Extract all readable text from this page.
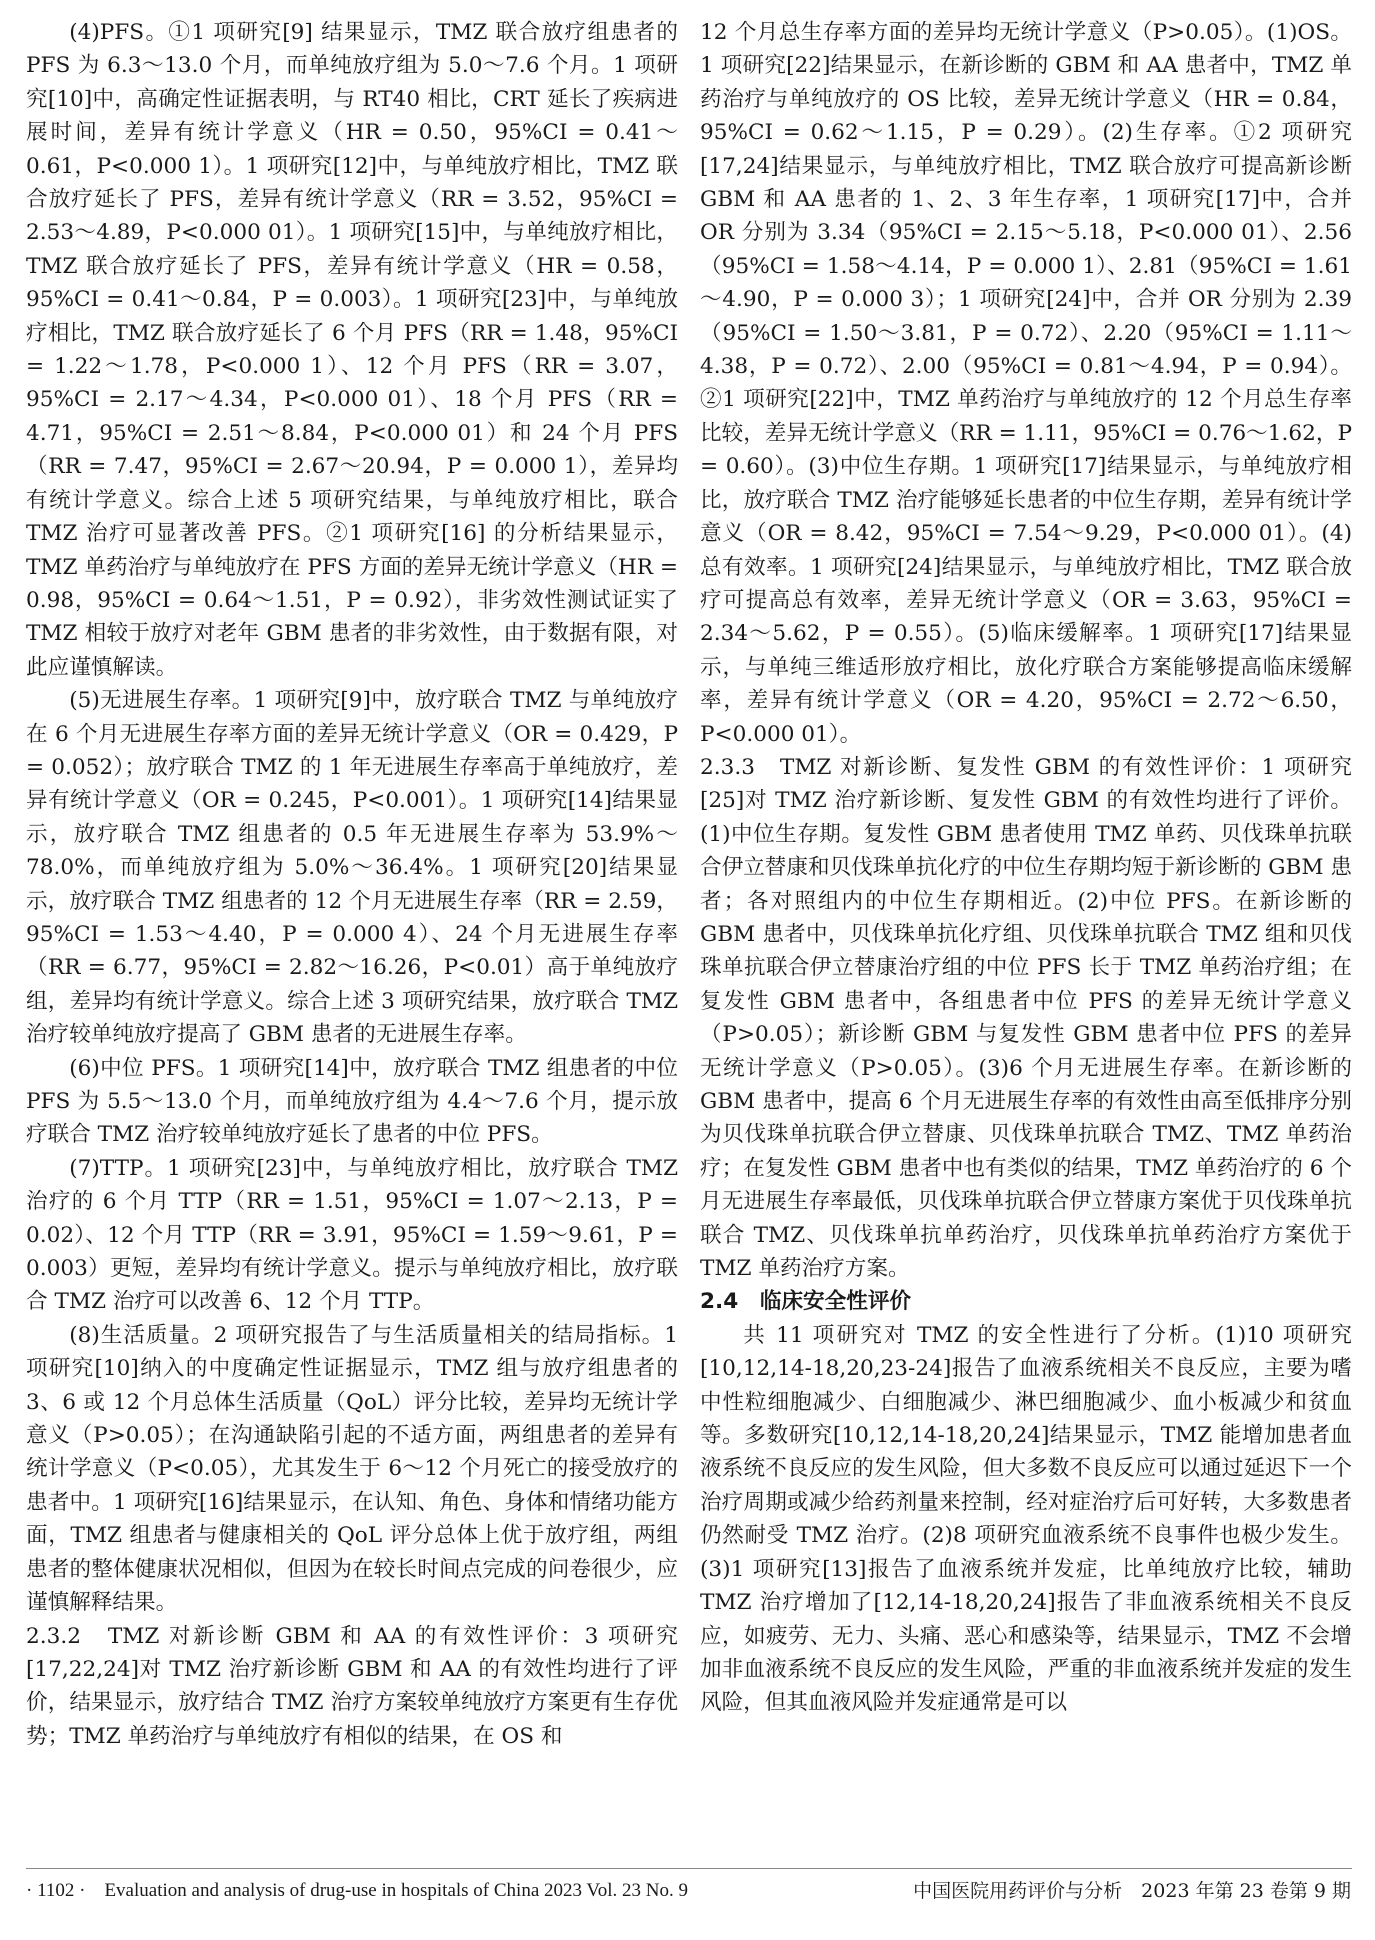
(4)PFS。①1 项研究[9] 结果显示，TMZ 联合放疗组患者的 PFS 为 6.3～13.0 个月，而单纯放疗组为 5.0～7.6 个月。1 项研究[10]中，高确定性证据表明，与 RT40 相比，CRT 延长了疾病进展时间，差异有统计学意义（HR = 0.50，95%CI = 0.41～0.61，P<0.000 1）。1 项研究[12]中，与单纯放疗相比，TMZ 联合放疗延长了 PFS，差异有统计学意义（RR = 3.52，95%CI = 2.53～4.89，P<0.000 01）。1 项研究[15]中，与单纯放疗相比，TMZ 联合放疗延长了 PFS，差异有统计学意义（HR = 0.58，95%CI = 0.41～0.84，P = 0.003）。1 项研究[23]中，与单纯放疗相比，TMZ 联合放疗延长了 6 个月 PFS（RR = 1.48，95%CI = 1.22～1.78，P<0.000 1）、12 个月 PFS（RR = 3.07，95%CI = 2.17～4.34，P<0.000 01）、18 个月 PFS（RR = 4.71，95%CI = 2.51～8.84，P<0.000 01）和 24 个月 PFS（RR = 7.47，95%CI = 2.67～20.94，P = 0.000 1），差异均有统计学意义。综合上述 5 项研究结果，与单纯放疗相比，联合 TMZ 治疗可显著改善 PFS。②1 项研究[16] 的分析结果显示，TMZ 单药治疗与单纯放疗在 PFS 方面的差异无统计学意义（HR = 0.98，95%CI = 0.64～1.51，P = 0.92），非劣效性测试证实了 TMZ 相较于放疗对老年 GBM 患者的非劣效性，由于数据有限，对此应谨慎解读。

(5)无进展生存率。1 项研究[9]中，放疗联合 TMZ 与单纯放疗在 6 个月无进展生存率方面的差异无统计学意义（OR = 0.429，P = 0.052）；放疗联合 TMZ 的 1 年无进展生存率高于单纯放疗，差异有统计学意义（OR = 0.245，P<0.001）。1 项研究[14]结果显示，放疗联合 TMZ 组患者的 0.5 年无进展生存率为 53.9%～78.0%，而单纯放疗组为 5.0%～36.4%。1 项研究[20]结果显示，放疗联合 TMZ 组患者的 12 个月无进展生存率（RR = 2.59，95%CI = 1.53～4.40，P = 0.000 4）、24 个月无进展生存率（RR = 6.77，95%CI = 2.82～16.26，P<0.01）高于单纯放疗组，差异均有统计学意义。综合上述 3 项研究结果，放疗联合 TMZ 治疗较单纯放疗提高了 GBM 患者的无进展生存率。

(6)中位 PFS。1 项研究[14]中，放疗联合 TMZ 组患者的中位 PFS 为 5.5～13.0 个月，而单纯放疗组为 4.4～7.6 个月，提示放疗联合 TMZ 治疗较单纯放疗延长了患者的中位 PFS。

(7)TTP。1 项研究[23]中，与单纯放疗相比，放疗联合 TMZ 治疗的 6 个月 TTP（RR = 1.51，95%CI = 1.07～2.13，P = 0.02）、12 个月 TTP（RR = 3.91，95%CI = 1.59～9.61，P = 0.003）更短，差异均有统计学意义。提示与单纯放疗相比，放疗联合 TMZ 治疗可以改善 6、12 个月 TTP。

(8)生活质量。2 项研究报告了与生活质量相关的结局指标。1 项研究[10]纳入的中度确定性证据显示，TMZ 组与放疗组患者的 3、6 或 12 个月总体生活质量（QoL）评分比较，差异均无统计学意义（P>0.05）；在沟通缺陷引起的不适方面，两组患者的差异有统计学意义（P<0.05），尤其发生于 6～12 个月死亡的接受放疗的患者中。1 项研究[16]结果显示，在认知、角色、身体和情绪功能方面，TMZ 组患者与健康相关的 QoL 评分总体上优于放疗组，两组患者的整体健康状况相似，但因为在较长时间点完成的问卷很少，应谨慎解释结果。

2.3.2　TMZ 对新诊断 GBM 和 AA 的有效性评价：3 项研究[17,22,24]对 TMZ 治疗新诊断 GBM 和 AA 的有效性均进行了评价，结果显示，放疗结合 TMZ 治疗方案较单纯放疗方案更有生存优势；TMZ 单药治疗与单纯放疗有相似的结果，在 OS 和

12 个月总生存率方面的差异均无统计学意义（P>0.05）。(1)OS。1 项研究[22]结果显示，在新诊断的 GBM 和 AA 患者中，TMZ 单药治疗与单纯放疗的 OS 比较，差异无统计学意义（HR = 0.84，95%CI = 0.62～1.15，P = 0.29）。(2)生存率。①2 项研究[17,24]结果显示，与单纯放疗相比，TMZ 联合放疗可提高新诊断 GBM 和 AA 患者的 1、2、3 年生存率，1 项研究[17]中，合并 OR 分别为 3.34（95%CI = 2.15～5.18，P<0.000 01）、2.56（95%CI = 1.58～4.14，P = 0.000 1）、2.81（95%CI = 1.61～4.90，P = 0.000 3）；1 项研究[24]中，合并 OR 分别为 2.39（95%CI = 1.50～3.81，P = 0.72）、2.20（95%CI = 1.11～4.38，P = 0.72）、2.00（95%CI = 0.81～4.94，P = 0.94）。②1 项研究[22]中，TMZ 单药治疗与单纯放疗的 12 个月总生存率比较，差异无统计学意义（RR = 1.11，95%CI = 0.76～1.62，P = 0.60）。(3)中位生存期。1 项研究[17]结果显示，与单纯放疗相比，放疗联合 TMZ 治疗能够延长患者的中位生存期，差异有统计学意义（OR = 8.42，95%CI = 7.54～9.29，P<0.000 01）。(4)总有效率。1 项研究[24]结果显示，与单纯放疗相比，TMZ 联合放疗可提高总有效率，差异无统计学意义（OR = 3.63，95%CI = 2.34～5.62，P = 0.55）。(5)临床缓解率。1 项研究[17]结果显示，与单纯三维适形放疗相比，放化疗联合方案能够提高临床缓解率，差异有统计学意义（OR = 4.20，95%CI = 2.72～6.50，P<0.000 01）。

2.3.3　TMZ 对新诊断、复发性 GBM 的有效性评价：1 项研究[25]对 TMZ 治疗新诊断、复发性 GBM 的有效性均进行了评价。(1)中位生存期。复发性 GBM 患者使用 TMZ 单药、贝伐珠单抗联合伊立替康和贝伐珠单抗化疗的中位生存期均短于新诊断的 GBM 患者；各对照组内的中位生存期相近。(2)中位 PFS。在新诊断的 GBM 患者中，贝伐珠单抗化疗组、贝伐珠单抗联合 TMZ 组和贝伐珠单抗联合伊立替康治疗组的中位 PFS 长于 TMZ 单药治疗组；在复发性 GBM 患者中，各组患者中位 PFS 的差异无统计学意义（P>0.05）；新诊断 GBM 与复发性 GBM 患者中位 PFS 的差异无统计学意义（P>0.05）。(3)6 个月无进展生存率。在新诊断的 GBM 患者中，提高 6 个月无进展生存率的有效性由高至低排序分别为贝伐珠单抗联合伊立替康、贝伐珠单抗联合 TMZ、TMZ 单药治疗；在复发性 GBM 患者中也有类似的结果，TMZ 单药治疗的 6 个月无进展生存率最低，贝伐珠单抗联合伊立替康方案优于贝伐珠单抗联合 TMZ、贝伐珠单抗单药治疗，贝伐珠单抗单药治疗方案优于 TMZ 单药治疗方案。

2.4　临床安全性评价

共 11 项研究对 TMZ 的安全性进行了分析。(1)10 项研究[10,12,14-18,20,23-24]报告了血液系统相关不良反应，主要为嗜中性粒细胞减少、白细胞减少、淋巴细胞减少、血小板减少和贫血等。多数研究[10,12,14-18,20,24]结果显示，TMZ 能增加患者血液系统不良反应的发生风险，但大多数不良反应可以通过延迟下一个治疗周期或减少给药剂量来控制，经对症治疗后可好转，大多数患者仍然耐受 TMZ 治疗。(2)8 项研究血液系统不良事件也极少发生。(3)1 项研究[13]报告了血液系统并发症，比单纯放疗比较，辅助 TMZ 治疗增加了[12,14-18,20,24]报告了非血液系统相关不良反应，如疲劳、无力、头痛、恶心和感染等，结果显示，TMZ 不会增加非血液系统不良反应的发生风险，严重的非血液系统并发症的发生风险，但其血液风险并发症通常是可以

· 1102 ·　Evaluation and analysis of drug-use in hospitals of China 2023 Vol. 23 No. 9	中国医院用药评价与分析　2023 年第 23 卷第 9 期
